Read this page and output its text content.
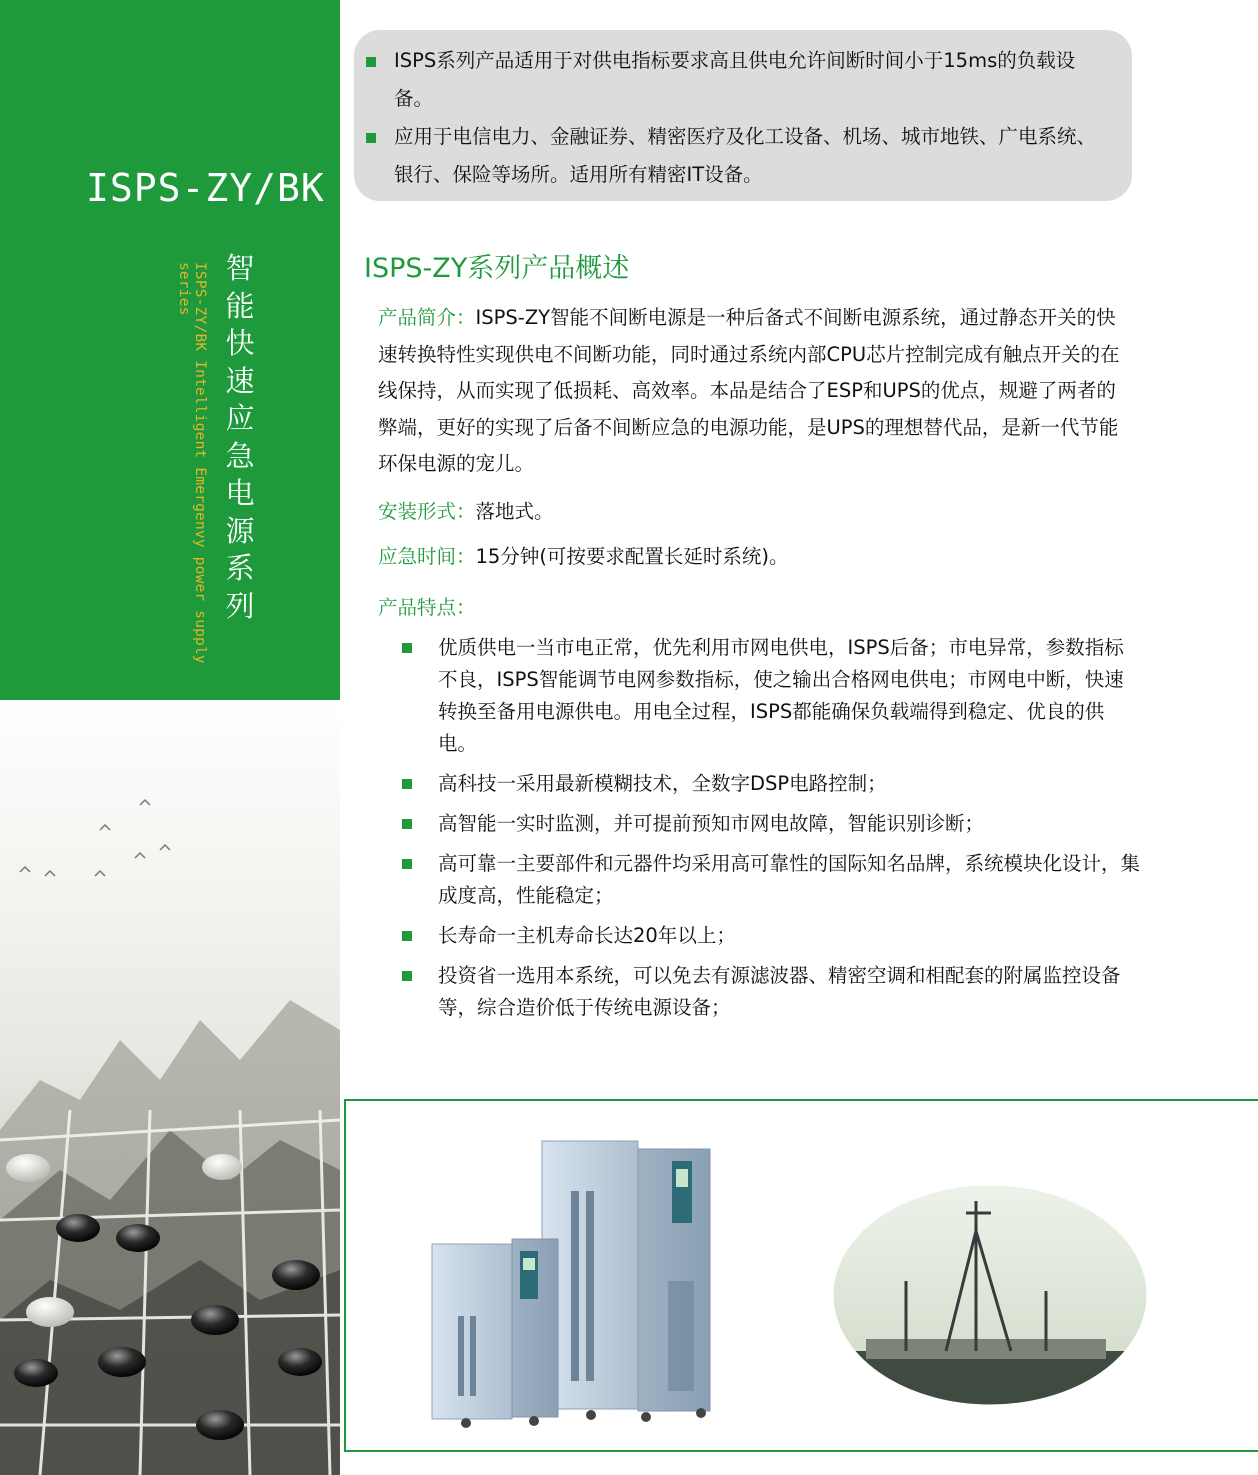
ISPS-ZY/BK
ISPS-ZY/BK Intelligent Emergenvy power supply series	智能快速应急电源系列
ISPS系列产品适用于对供电指标要求高且供电允许间断时间小于15ms的负载设备。
应用于电信电力、金融证券、精密医疗及化工设备、机场、城市地铁、广电系统、银行、保险等场所。适用所有精密IT设备。
ISPS-ZY系列产品概述
产品简介：ISPS-ZY智能不间断电源是一种后备式不间断电源系统，通过静态开关的快速转换特性实现供电不间断功能，同时通过系统内部CPU芯片控制完成有触点开关的在线保持，从而实现了低损耗、高效率。本品是结合了ESP和UPS的优点，规避了两者的弊端，更好的实现了后备不间断应急的电源功能，是UPS的理想替代品，是新一代节能环保电源的宠儿。
安装形式：落地式。
应急时间：15分钟(可按要求配置长延时系统)。
产品特点：
优质供电一当市电正常，优先利用市网电供电，ISPS后备；市电异常，参数指标不良，ISPS智能调节电网参数指标，使之输出合格网电供电；市网电中断，快速转换至备用电源供电。用电全过程，ISPS都能确保负载端得到稳定、优良的供电。
高科技一采用最新模糊技术，全数字DSP电路控制；
高智能一实时监测，并可提前预知市网电故障，智能识别诊断；
高可靠一主要部件和元器件均采用高可靠性的国际知名品牌，系统模块化设计，集成度高，性能稳定；
长寿命一主机寿命长达20年以上；
投资省一选用本系统，可以免去有源滤波器、精密空调和相配套的附属监控设备等，综合造价低于传统电源设备；
